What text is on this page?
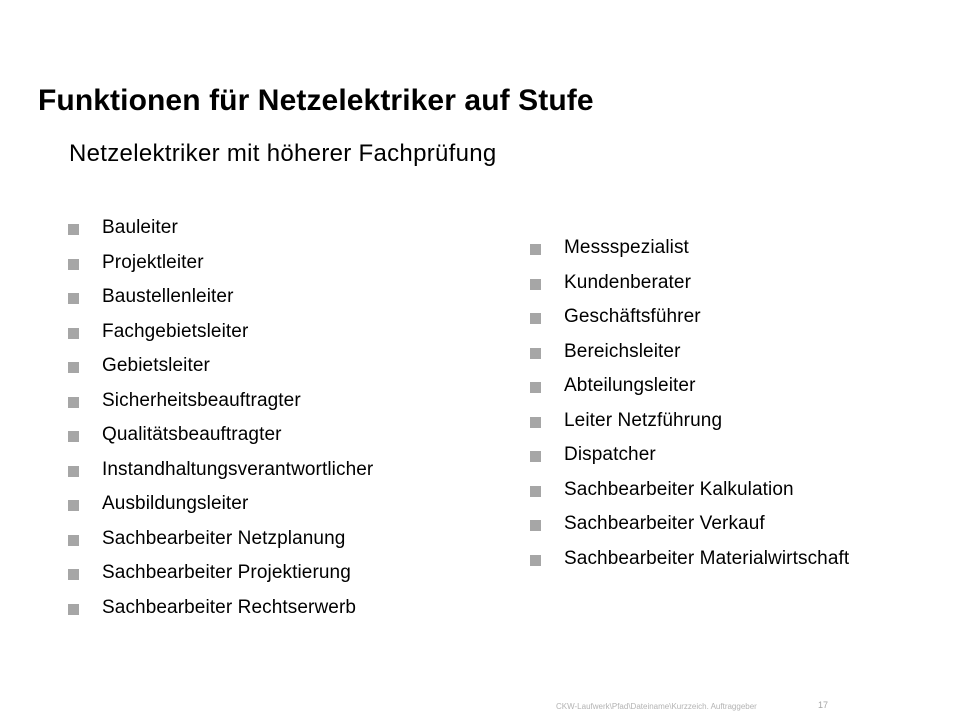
Funktionen für Netzelektriker auf Stufe
Netzelektriker mit höherer Fachprüfung
Bauleiter
Projektleiter
Baustellenleiter
Fachgebietsleiter
Gebietsleiter
Sicherheitsbeauftragter
Qualitätsbeauftragter
Instandhaltungsverantwortlicher
Ausbildungsleiter
Sachbearbeiter Netzplanung
Sachbearbeiter Projektierung
Sachbearbeiter Rechtserwerb
Messspezialist
Kundenberater
Geschäftsführer
Bereichsleiter
Abteilungsleiter
Leiter Netzführung
Dispatcher
Sachbearbeiter Kalkulation
Sachbearbeiter Verkauf
Sachbearbeiter Materialwirtschaft
CKW-Laufwerk\Pfad\Dateiname\Kurzzeich. Auftraggeber	17
